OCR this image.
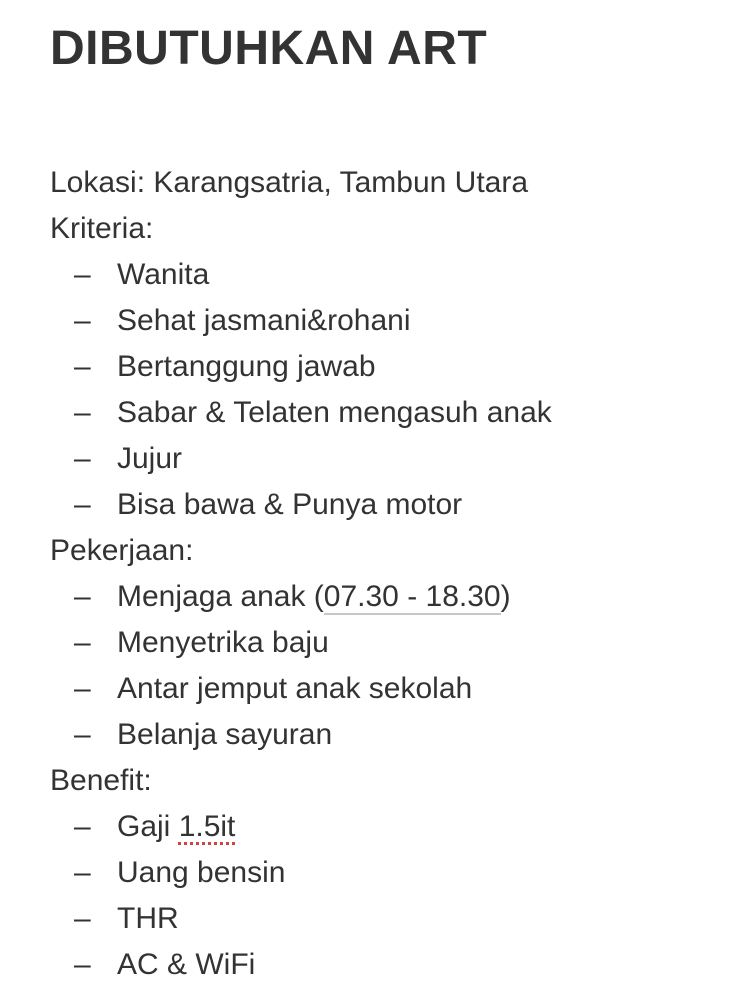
DIBUTUHKAN ART
Lokasi: Karangsatria, Tambun Utara
Kriteria:
– Wanita
– Sehat jasmani&rohani
– Bertanggung jawab
– Sabar & Telaten mengasuh anak
– Jujur
– Bisa bawa & Punya motor
Pekerjaan:
– Menjaga anak (07.30 - 18.30)
– Menyetrika baju
– Antar jemput anak sekolah
– Belanja sayuran
Benefit:
– Gaji 1.5it
– Uang bensin
– THR
– AC & WiFi
